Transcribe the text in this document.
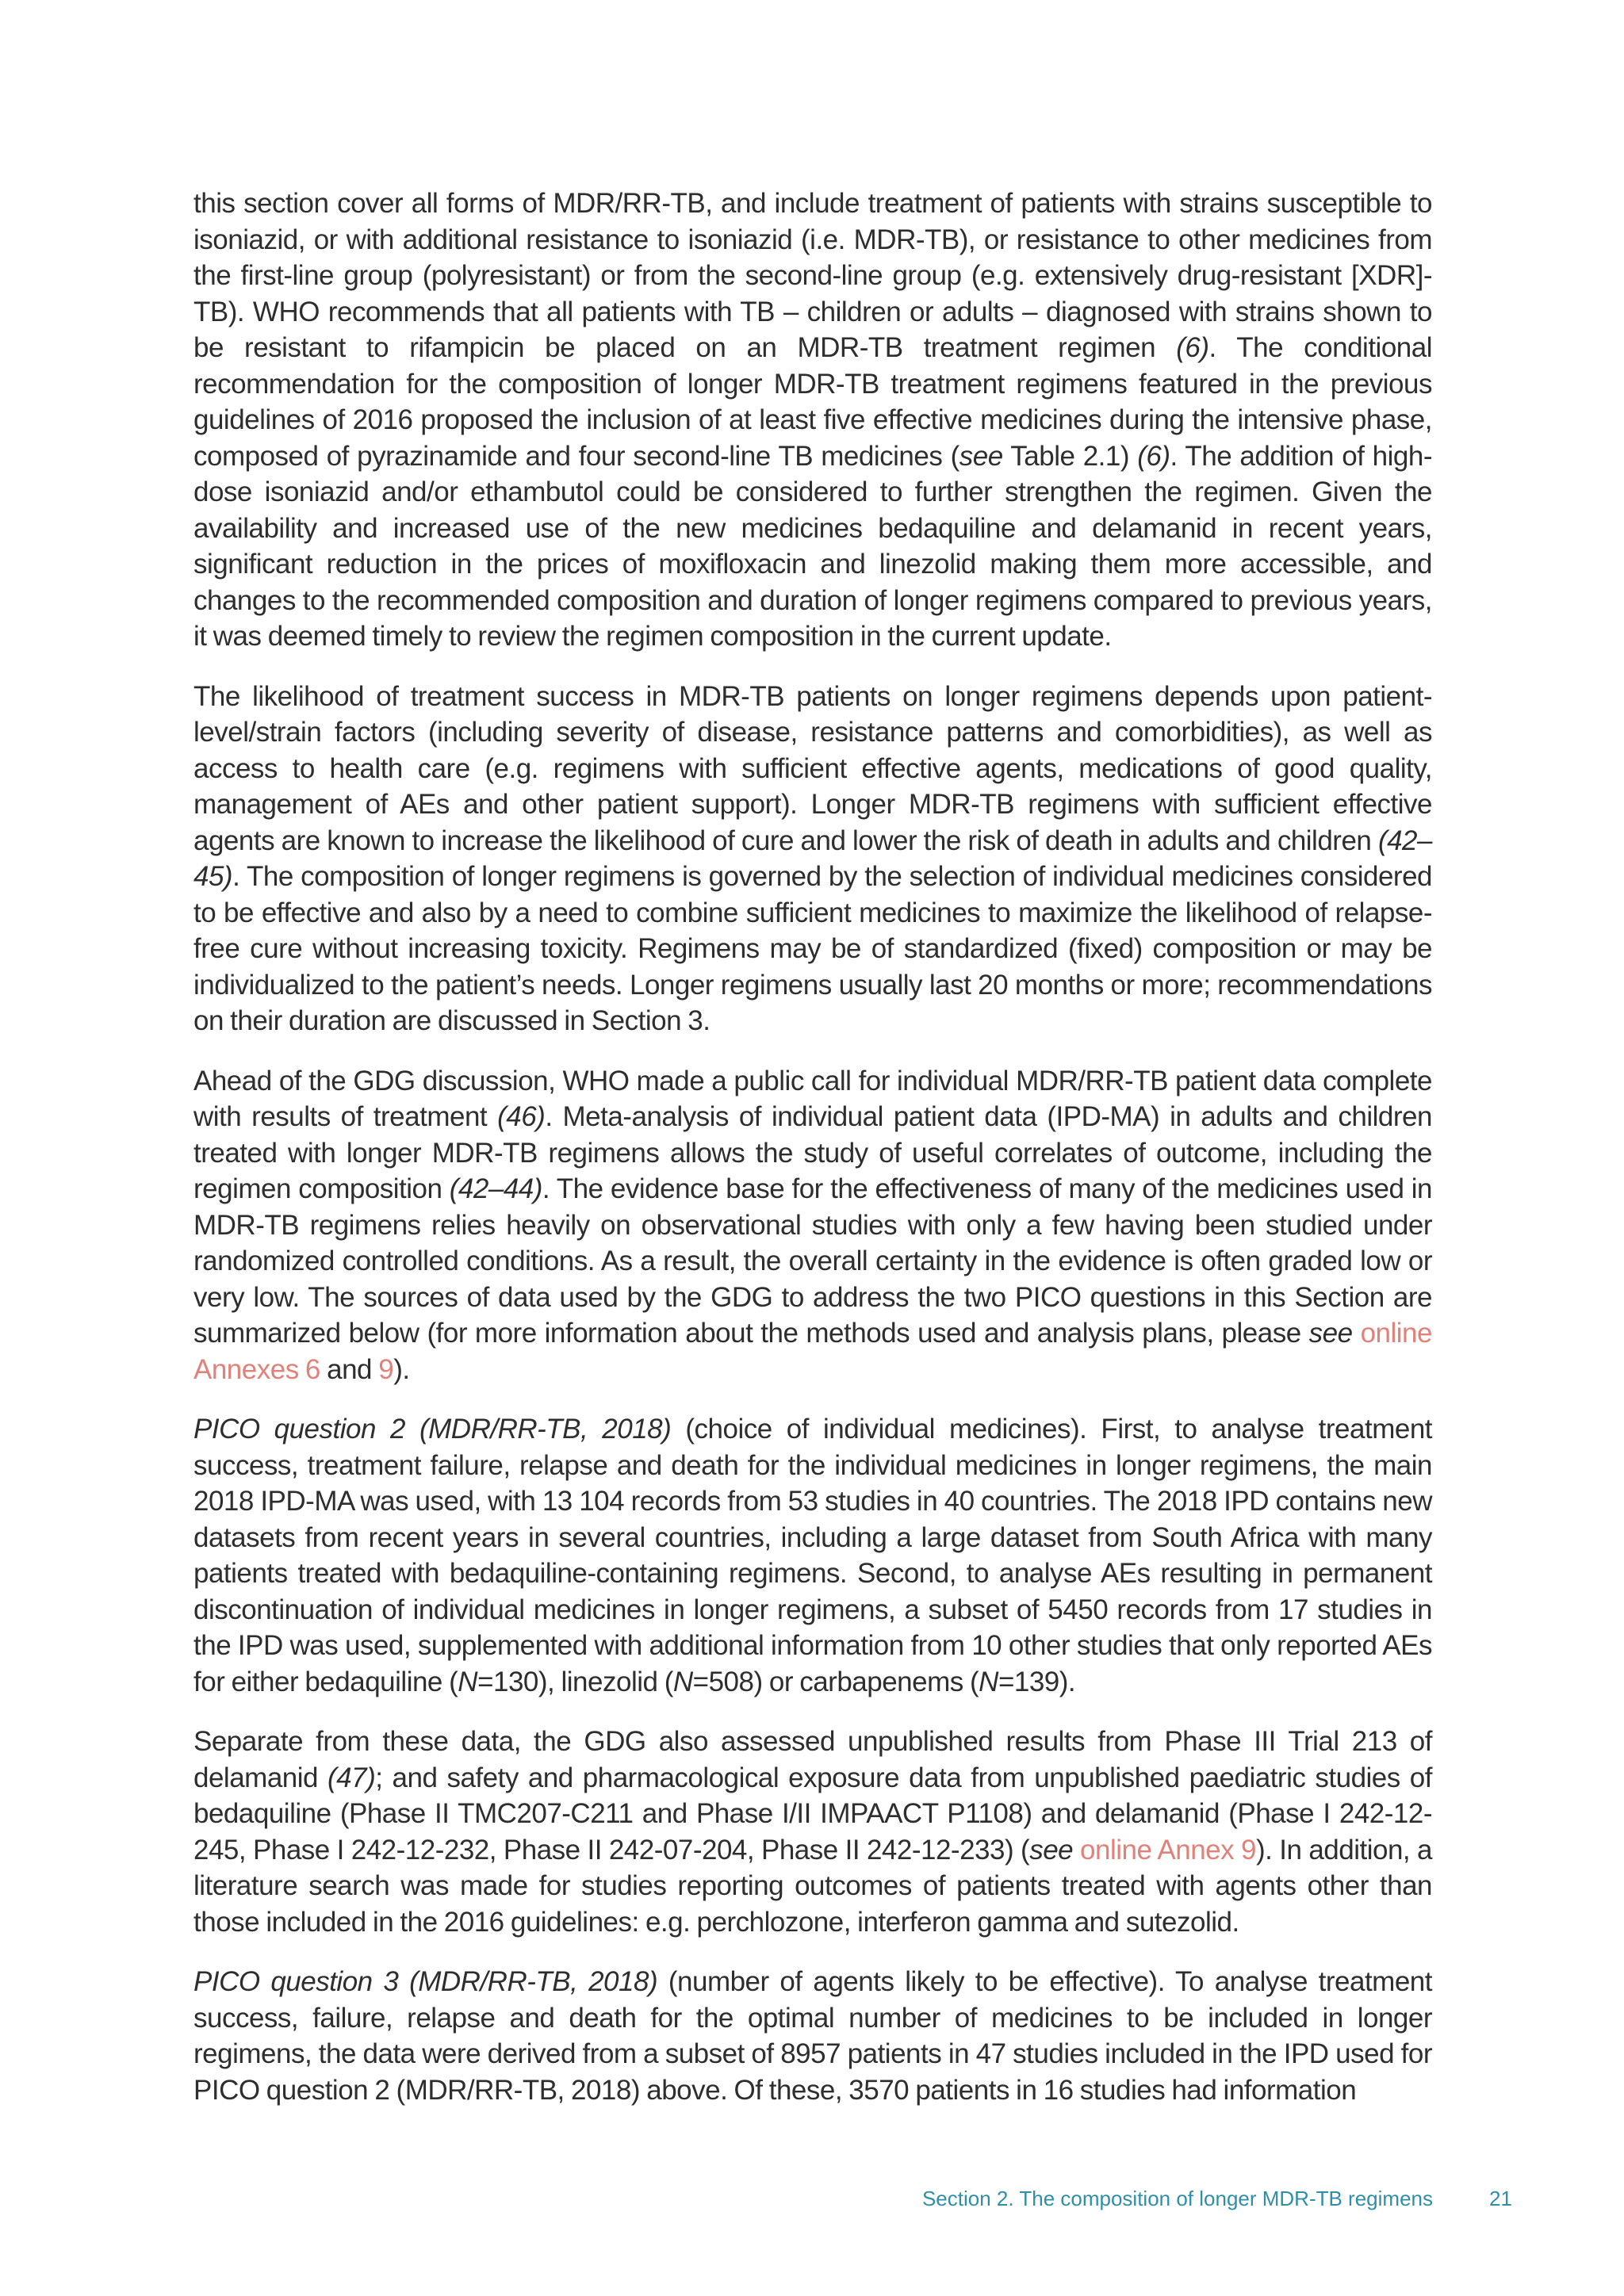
this section cover all forms of MDR/RR-TB, and include treatment of patients with strains susceptible to isoniazid, or with additional resistance to isoniazid (i.e. MDR-TB), or resistance to other medicines from the first-line group (polyresistant) or from the second-line group (e.g. extensively drug-resistant [XDR]-TB). WHO recommends that all patients with TB – children or adults – diagnosed with strains shown to be resistant to rifampicin be placed on an MDR-TB treatment regimen (6). The conditional recommendation for the composition of longer MDR-TB treatment regimens featured in the previous guidelines of 2016 proposed the inclusion of at least five effective medicines during the intensive phase, composed of pyrazinamide and four second-line TB medicines (see Table 2.1) (6). The addition of high-dose isoniazid and/or ethambutol could be considered to further strengthen the regimen. Given the availability and increased use of the new medicines bedaquiline and delamanid in recent years, significant reduction in the prices of moxifloxacin and linezolid making them more accessible, and changes to the recommended composition and duration of longer regimens compared to previous years, it was deemed timely to review the regimen composition in the current update.

The likelihood of treatment success in MDR-TB patients on longer regimens depends upon patient-level/strain factors (including severity of disease, resistance patterns and comorbidities), as well as access to health care (e.g. regimens with sufficient effective agents, medications of good quality, management of AEs and other patient support). Longer MDR-TB regimens with sufficient effective agents are known to increase the likelihood of cure and lower the risk of death in adults and children (42–45). The composition of longer regimens is governed by the selection of individual medicines considered to be effective and also by a need to combine sufficient medicines to maximize the likelihood of relapse-free cure without increasing toxicity. Regimens may be of standardized (fixed) composition or may be individualized to the patient’s needs. Longer regimens usually last 20 months or more; recommendations on their duration are discussed in Section 3.

Ahead of the GDG discussion, WHO made a public call for individual MDR/RR-TB patient data complete with results of treatment (46). Meta-analysis of individual patient data (IPD-MA) in adults and children treated with longer MDR-TB regimens allows the study of useful correlates of outcome, including the regimen composition (42–44). The evidence base for the effectiveness of many of the medicines used in MDR-TB regimens relies heavily on observational studies with only a few having been studied under randomized controlled conditions. As a result, the overall certainty in the evidence is often graded low or very low. The sources of data used by the GDG to address the two PICO questions in this Section are summarized below (for more information about the methods used and analysis plans, please see online Annexes 6 and 9).

PICO question 2 (MDR/RR-TB, 2018) (choice of individual medicines). First, to analyse treatment success, treatment failure, relapse and death for the individual medicines in longer regimens, the main 2018 IPD-MA was used, with 13 104 records from 53 studies in 40 countries. The 2018 IPD contains new datasets from recent years in several countries, including a large dataset from South Africa with many patients treated with bedaquiline-containing regimens. Second, to analyse AEs resulting in permanent discontinuation of individual medicines in longer regimens, a subset of 5450 records from 17 studies in the IPD was used, supplemented with additional information from 10 other studies that only reported AEs for either bedaquiline (N=130), linezolid (N=508) or carbapenems (N=139).

Separate from these data, the GDG also assessed unpublished results from Phase III Trial 213 of delamanid (47); and safety and pharmacological exposure data from unpublished paediatric studies of bedaquiline (Phase II TMC207-C211 and Phase I/II IMPAACT P1108) and delamanid (Phase I 242-12-245, Phase I 242-12-232, Phase II 242-07-204, Phase II 242-12-233) (see online Annex 9). In addition, a literature search was made for studies reporting outcomes of patients treated with agents other than those included in the 2016 guidelines: e.g. perchlozone, interferon gamma and sutezolid.

PICO question 3 (MDR/RR-TB, 2018) (number of agents likely to be effective). To analyse treatment success, failure, relapse and death for the optimal number of medicines to be included in longer regimens, the data were derived from a subset of 8957 patients in 47 studies included in the IPD used for PICO question 2 (MDR/RR-TB, 2018) above. Of these, 3570 patients in 16 studies had information

Section 2. The composition of longer MDR-TB regimens	21
